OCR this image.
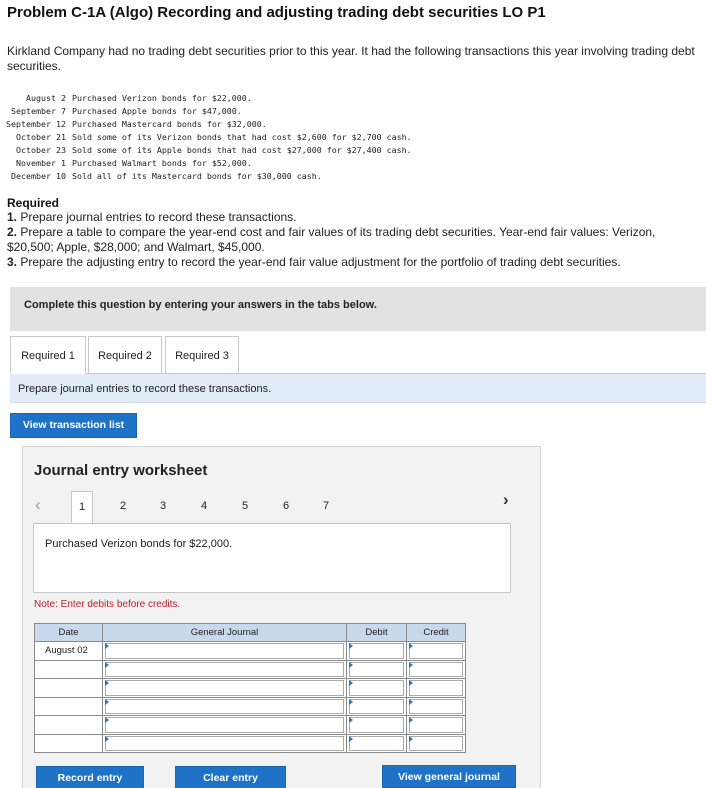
Problem C-1A (Algo) Recording and adjusting trading debt securities LO P1
Kirkland Company had no trading debt securities prior to this year. It had the following transactions this year involving trading debt securities.
August 2	Purchased Verizon bonds for $22,000.
September 7	Purchased Apple bonds for $47,000.
September 12	Purchased Mastercard bonds for $32,000.
October 21	Sold some of its Verizon bonds that had cost $2,600 for $2,700 cash.
October 23	Sold some of its Apple bonds that had cost $27,000 for $27,400 cash.
November 1	Purchased Walmart bonds for $52,000.
December 10	Sold all of its Mastercard bonds for $30,000 cash.
Required
1. Prepare journal entries to record these transactions.
2. Prepare a table to compare the year-end cost and fair values of its trading debt securities. Year-end fair values: Verizon, $20,500; Apple, $28,000; and Walmart, $45,000.
3. Prepare the adjusting entry to record the year-end fair value adjustment for the portfolio of trading debt securities.
Complete this question by entering your answers in the tabs below.
Required 1	Required 2	Required 3
Prepare journal entries to record these transactions.
View transaction list
Journal entry worksheet
‹	1	2	3	4	5	6	7
Purchased Verizon bonds for $22,000.
Note: Enter debits before credits.
Date	General Journal	Debit	Credit
August 02	

Record entry	Clear entry
›
View general journal
